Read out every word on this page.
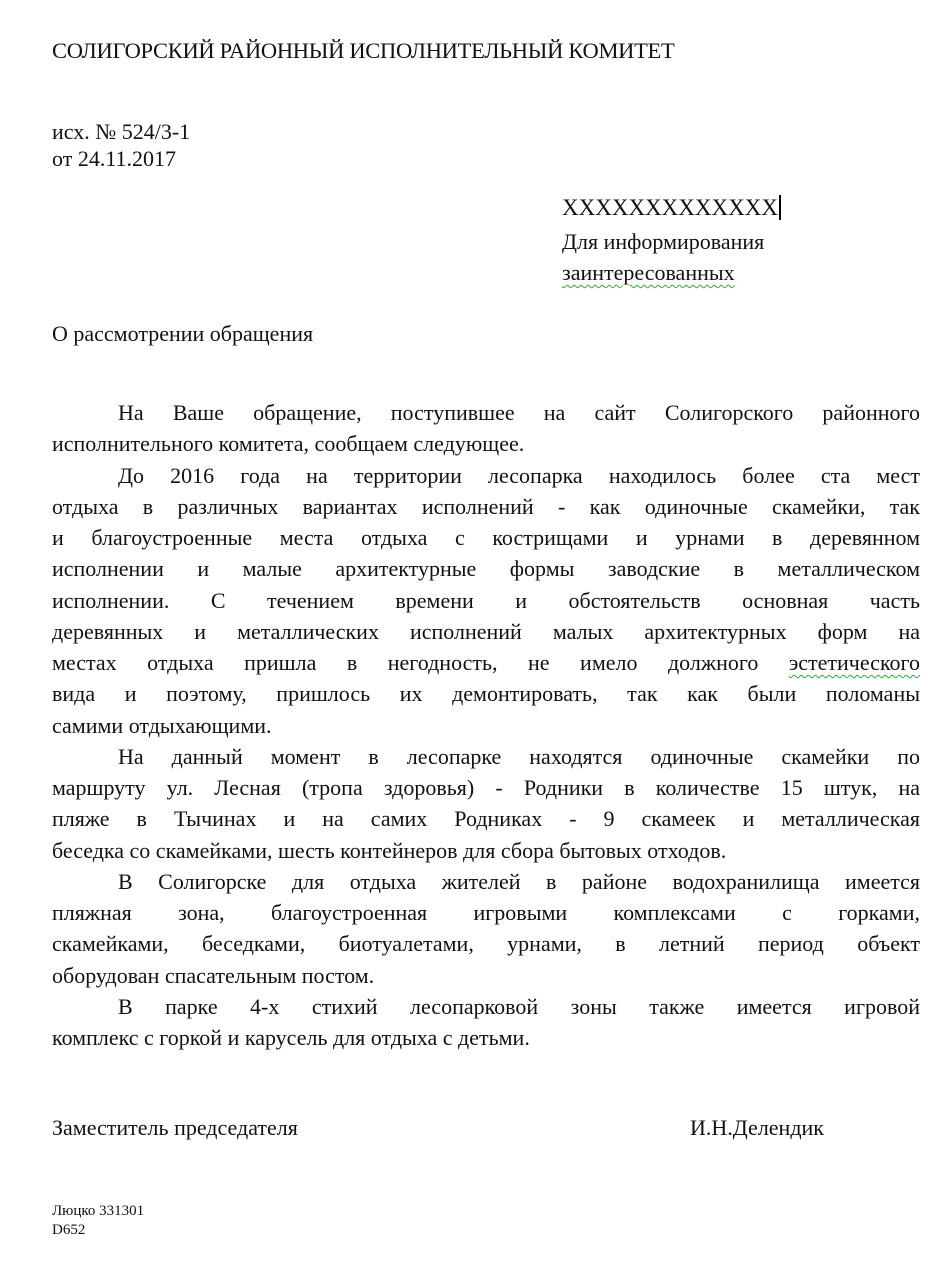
СОЛИГОРСКИЙ РАЙОННЫЙ ИСПОЛНИТЕЛЬНЫЙ КОМИТЕТ
исх. № 524/3-1
от 24.11.2017
ХХХХХХХХХХХХХ
Для информирования
заинтересованных
О рассмотрении обращения
На Ваше обращение, поступившее на сайт Солигорского районного
исполнительного комитета, сообщаем следующее.
До 2016 года на территории лесопарка находилось более ста мест
отдыха в различных вариантах исполнений - как одиночные скамейки, так
и благоустроенные места отдыха с кострищами и урнами в деревянном
исполнении и малые архитектурные формы заводские в металлическом
исполнении. С течением времени и обстоятельств основная часть
деревянных и металлических исполнений малых архитектурных форм на
местах отдыха пришла в негодность, не имело должного эстетического
вида и поэтому, пришлось их демонтировать, так как были поломаны
самими отдыхающими.
На данный момент в лесопарке находятся одиночные скамейки по
маршруту ул. Лесная (тропа здоровья) - Родники в количестве 15 штук, на
пляже в Тычинах и на самих Родниках - 9 скамеек и металлическая
беседка со скамейками, шесть контейнеров для сбора бытовых отходов.
В Солигорске для отдыха жителей в районе водохранилища имеется
пляжная зона, благоустроенная игровыми комплексами с горками,
скамейками, беседками, биотуалетами, урнами, в летний период объект
оборудован спасательным постом.
В парке 4-х стихий лесопарковой зоны также имеется игровой
комплекс с горкой и карусель для отдыха с детьми.
Заместитель председателя	И.Н.Делендик
Люцко 331301
D652
